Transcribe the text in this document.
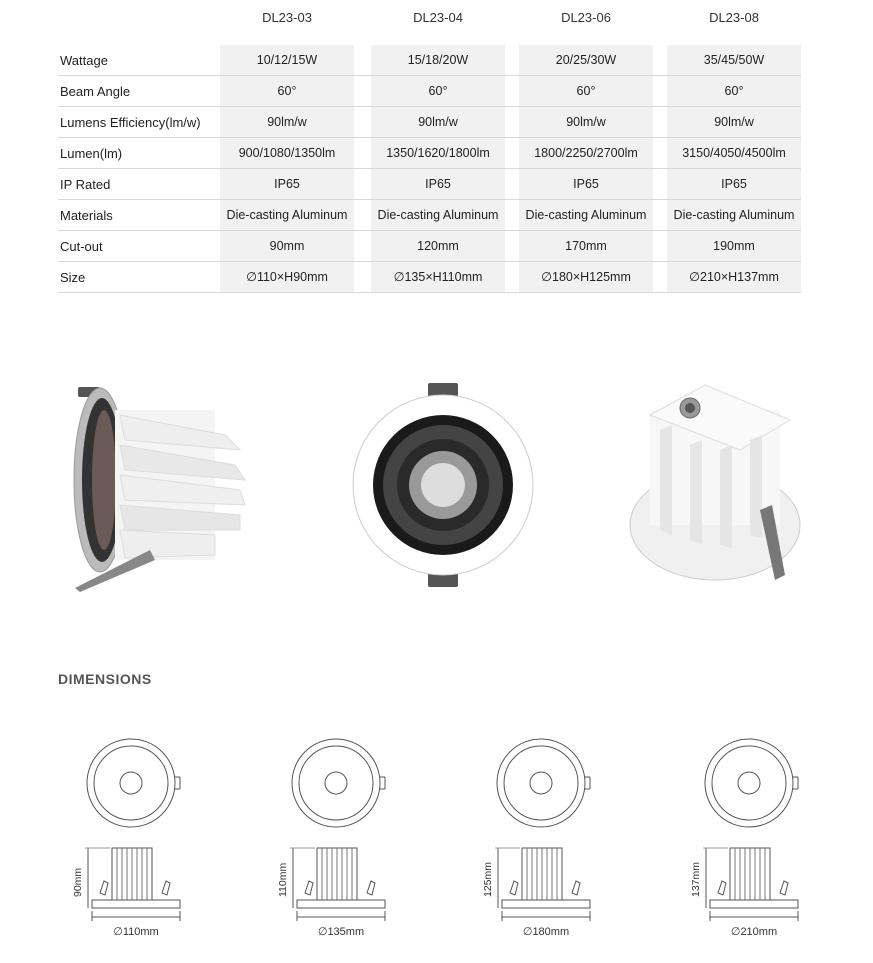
DL23-03	DL23-04	DL23-06	DL23-08
Wattage	10/12/15W	15/18/20W	20/25/30W	35/45/50W
Beam Angle	60°	60°	60°	60°
Lumens Efficiency(lm/w)	90lm/w	90lm/w	90lm/w	90lm/w
Lumen(lm)	900/1080/1350lm	1350/1620/1800lm	1800/2250/2700lm	3150/4050/4500lm
IP Rated	IP65	IP65	IP65	IP65
Materials	Die-casting Aluminum	Die-casting Aluminum	Die-casting Aluminum	Die-casting Aluminum
Cut-out	90mm	120mm	170mm	190mm
Size	∅110×H90mm	∅135×H110mm	∅180×H125mm	∅210×H137mm
DIMENSIONS
90mm
∅110mm
110mm
∅135mm
125mm
∅180mm
137mm
∅210mm
